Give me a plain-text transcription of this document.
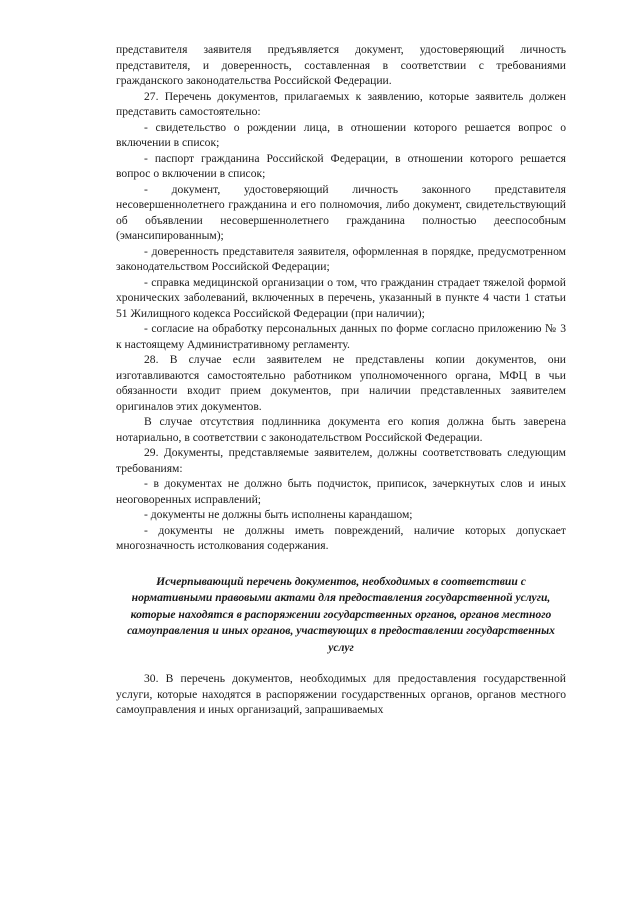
представителя заявителя предъявляется документ, удостоверяющий личность представителя, и доверенность, составленная в соответствии с требованиями гражданского законодательства Российской Федерации.

27. Перечень документов, прилагаемых к заявлению, которые заявитель должен представить самостоятельно:

- свидетельство о рождении лица, в отношении которого решается вопрос о включении в список;

- паспорт гражданина Российской Федерации, в отношении которого решается вопрос о включении в список;

- документ, удостоверяющий личность законного представителя несовершеннолетнего гражданина и его полномочия, либо документ, свидетельствующий об объявлении несовершеннолетнего гражданина полностью дееспособным (эмансипированным);

- доверенность представителя заявителя, оформленная в порядке, предусмотренном законодательством Российской Федерации;

- справка медицинской организации о том, что гражданин страдает тяжелой формой хронических заболеваний, включенных в перечень, указанный в пункте 4 части 1 статьи 51 Жилищного кодекса Российской Федерации (при наличии);

- согласие на обработку персональных данных по форме согласно приложению № 3 к настоящему Административному регламенту.

28. В случае если заявителем не представлены копии документов, они изготавливаются самостоятельно работником уполномоченного органа, МФЦ в чьи обязанности входит прием документов, при наличии представленных заявителем оригиналов этих документов.

В случае отсутствия подлинника документа его копия должна быть заверена нотариально, в соответствии с законодательством Российской Федерации.

29. Документы, представляемые заявителем, должны соответствовать следующим требованиям:

- в документах не должно быть подчисток, приписок, зачеркнутых слов и иных неоговоренных исправлений;

- документы не должны быть исполнены карандашом;

- документы не должны иметь повреждений, наличие которых допускает многозначность истолкования содержания.

Исчерпывающий перечень документов, необходимых в соответствии с нормативными правовыми актами для предоставления государственной услуги, которые находятся в распоряжении государственных органов, органов местного самоуправления и иных органов, участвующих в предоставлении государственных услуг

30. В перечень документов, необходимых для предоставления государственной услуги, которые находятся в распоряжении государственных органов, органов местного самоуправления и иных организаций, запрашиваемых
